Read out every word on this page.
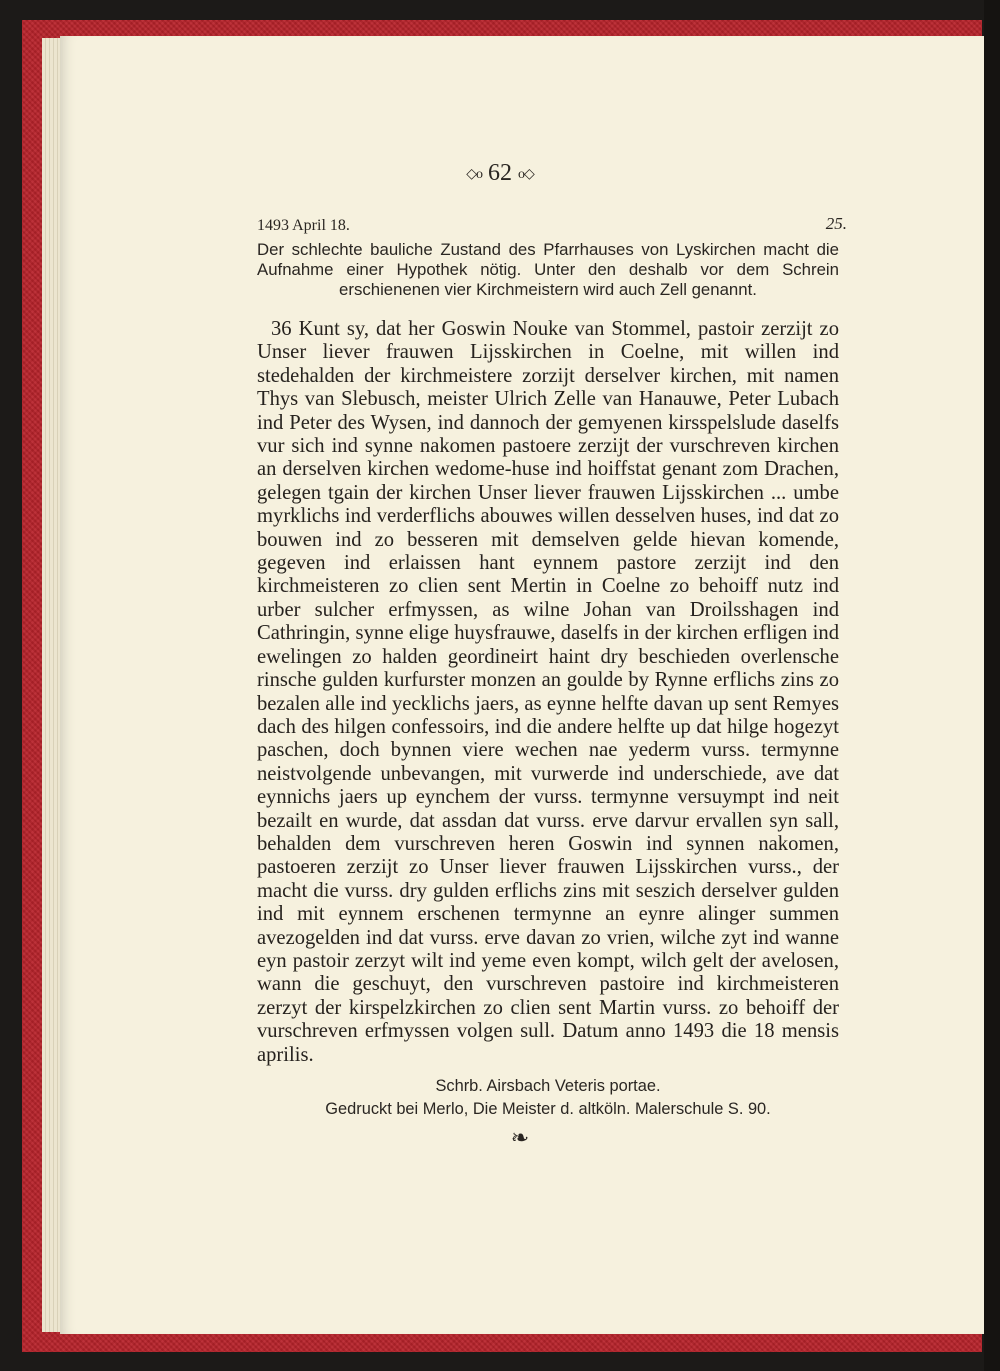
◇o 62 o◇
1493 April 18.	25.
Der schlechte bauliche Zustand des Pfarrhauses von Lyskirchen macht die Aufnahme einer Hypothek nötig. Unter den deshalb vor dem Schrein erschienenen vier Kirchmeistern wird auch Zell genannt.

36 Kunt sy, dat her Goswin Nouke van Stommel, pastoir zerzijt zo Unser liever frauwen Lijsskirchen in Coelne, mit willen ind stedehalden der kirchmeistere zorzijt derselver kirchen, mit namen Thys van Slebusch, meister Ulrich Zelle van Hanauwe, Peter Lubach ind Peter des Wysen, ind dannoch der gemyenen kirsspelslude daselfs vur sich ind synne nakomen pastoere zerzijt der vurschreven kirchen an derselven kirchen wedome-huse ind hoiffstat genant zom Drachen, gelegen tgain der kirchen Unser liever frauwen Lijsskirchen ... umbe myrklichs ind verderflichs abouwes willen desselven huses, ind dat zo bouwen ind zo besseren mit demselven gelde hievan komende, gegeven ind erlaissen hant eynnem pastore zerzijt ind den kirchmeisteren zo clien sent Mertin in Coelne zo behoiff nutz ind urber sulcher erfmyssen, as wilne Johan van Droilsshagen ind Cathringin, synne elige huysfrauwe, daselfs in der kirchen erfligen ind ewelingen zo halden geordineirt haint dry beschieden overlensche rinsche gulden kurfurster monzen an goulde by Rynne erflichs zins zo bezalen alle ind yecklichs jaers, as eynne helfte davan up sent Remyes dach des hilgen confessoirs, ind die andere helfte up dat hilge hogezyt paschen, doch bynnen viere wechen nae yederm vurss. termynne neistvolgende unbevangen, mit vurwerde ind underschiede, ave dat eynnichs jaers up eynchem der vurss. termynne versuympt ind neit bezailt en wurde, dat assdan dat vurss. erve darvur ervallen syn sall, behalden dem vurschreven heren Goswin ind synnen nakomen, pastoeren zerzijt zo Unser liever frauwen Lijsskirchen vurss., der macht die vurss. dry gulden erflichs zins mit seszich derselver gulden ind mit eynnem erschenen termynne an eynre alinger summen avezogelden ind dat vurss. erve davan zo vrien, wilche zyt ind wanne eyn pastoir zerzyt wilt ind yeme even kompt, wilch gelt der avelosen, wann die geschuyt, den vurschreven pastoire ind kirchmeisteren zerzyt der kirspelzkirchen zo clien sent Martin vurss. zo behoiff der vurschreven erfmyssen volgen sull. Datum anno 1493 die 18 mensis aprilis.

Schrb. Airsbach Veteris portae.
Gedruckt bei Merlo, Die Meister d. altköln. Malerschule S. 90.
❧
